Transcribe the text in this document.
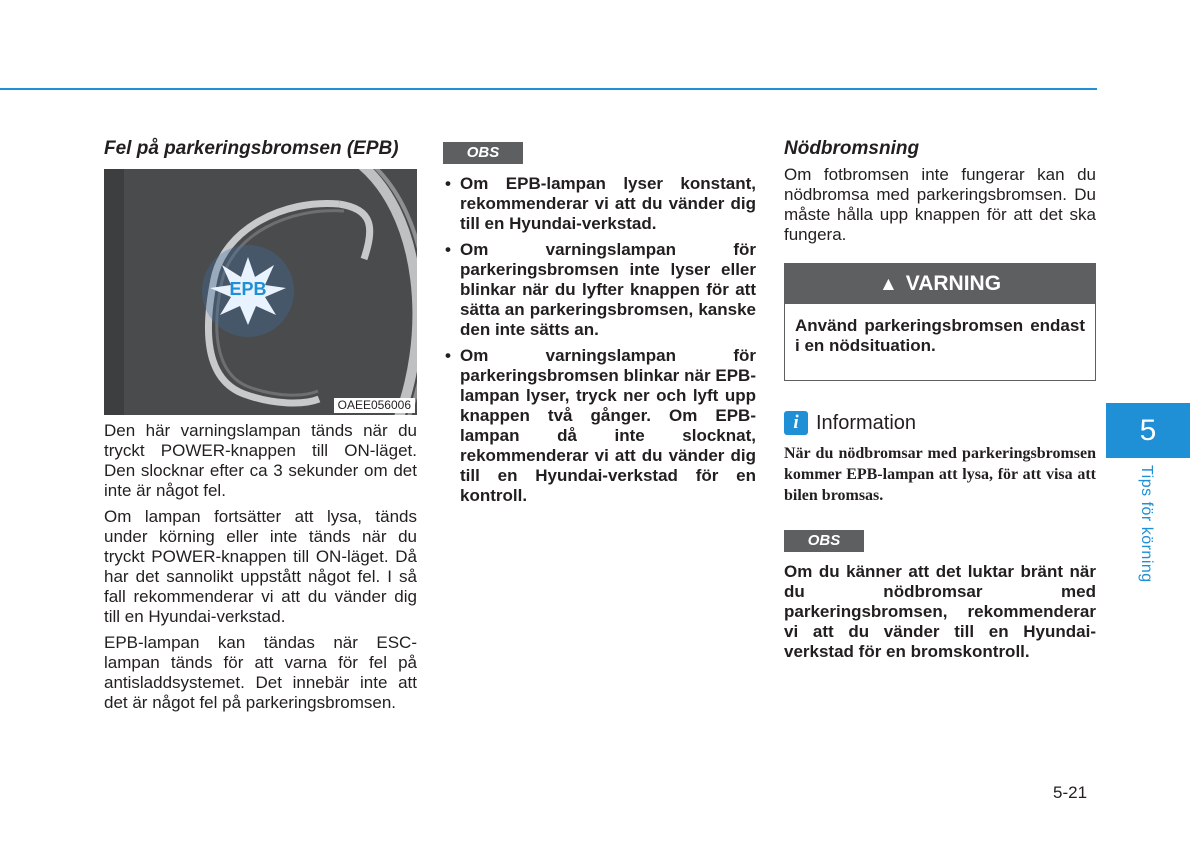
Fel på parkeringsbromsen (EPB)
EPB
OAEE056006

Den här varningslampan tänds när du tryckt POWER-knappen till ON-läget. Den slocknar efter ca 3 sekunder om det inte är något fel.

Om lampan fortsätter att lysa, tänds under körning eller inte tänds när du tryckt POWER-knappen till ON-läget. Då har det sannolikt uppstått något fel. I så fall rekommenderar vi att du vänder dig till en Hyundai-verkstad.

EPB-lampan kan tändas när ESC-lampan tänds för att varna för fel på antisladdsystemet. Det innebär inte att det är något fel på parkeringsbromsen.

OBS
• Om EPB-lampan lyser konstant, rekommenderar vi att du vänder dig till en Hyundai-verkstad.
• Om varningslampan för parkeringsbromsen inte lyser eller blinkar när du lyfter knappen för att sätta an parkeringsbromsen, kanske den inte sätts an.
• Om varningslampan för parkeringsbromsen blinkar när EPB-lampan lyser, tryck ner och lyft upp knappen två gånger. Om EPB-lampan då inte slocknat, rekommenderar vi att du vänder dig till en Hyundai-verkstad för en kontroll.
Nödbromsning

Om fotbromsen inte fungerar kan du nödbromsa med parkeringsbromsen. Du måste hålla upp knappen för att det ska fungera.

▲ VARNING
Använd parkeringsbromsen endast i en nödsituation.
i Information

När du nödbromsar med parkeringsbromsen kommer EPB-lampan att lysa, för att visa att bilen bromsas.

OBS

Om du känner att det luktar bränt när du nödbromsar med parkeringsbromsen, rekommenderar vi att du vänder till en Hyundai-verkstad för en bromskontroll.

5
Tips för körning
5-21
